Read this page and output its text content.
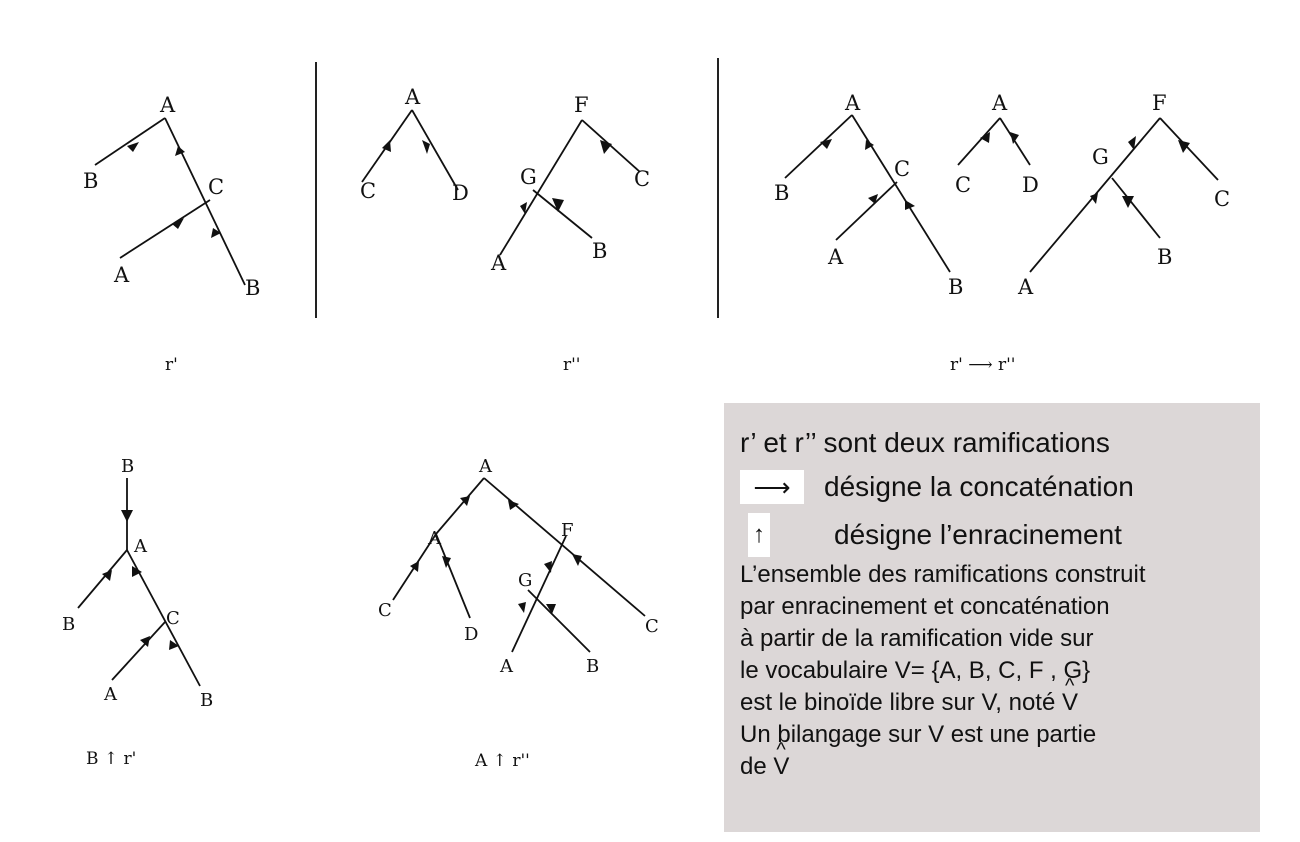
A
B	C
A
B
r'
A
C	D
F
G	C
A	B
r''
A
B
C
A
B
A
C D
F
G
C
A
B
r' ⟶ r''
B
A
B	C
A	B
B ↑ r'
A
A	F
C
D
G
C
A	B
A ↑ r''
r’ et r’’ sont deux ramifications
⟶ désigne la concaténation
↑ désigne l’enracinement
L’ensemble des ramifications construit
par enracinement et concaténation
à partir de la ramification vide sur
le vocabulaire V= {A, B, C, F , G}
est le binoïde libre sur V, noté ^ V
Un bilangage sur V est une partie
de ^ V
